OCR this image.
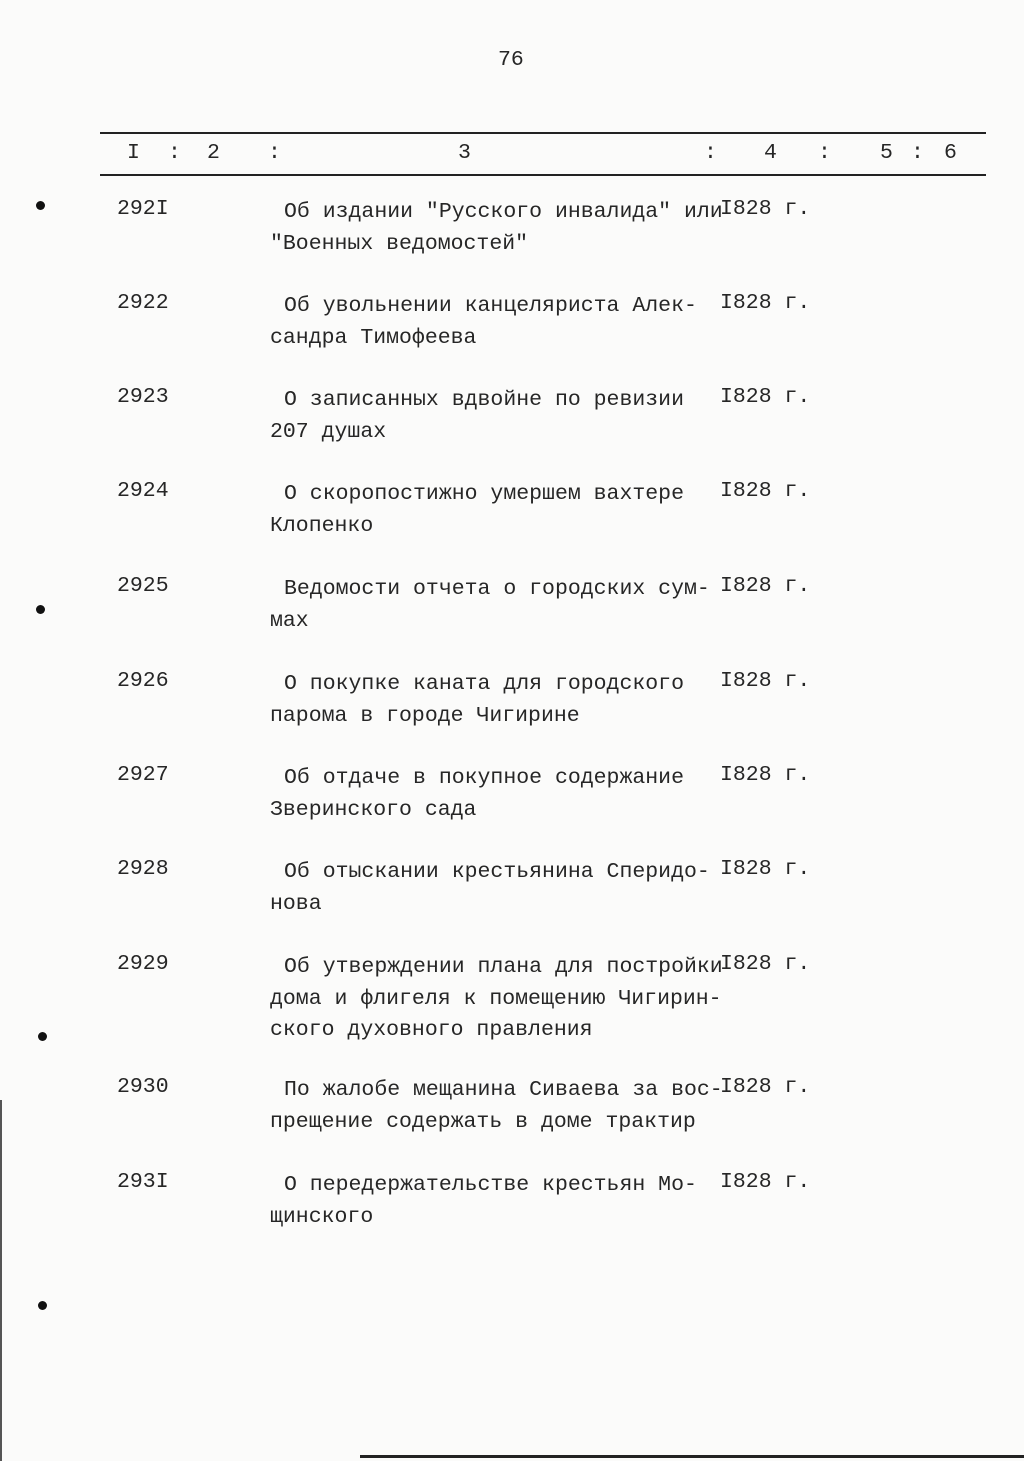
76
I : 2 :	3	: 4 : 5 : 6
292I	Об издании "Русского инвалида" или
"Военных ведомостей"
I828 г.
2922	Об увольнении канцеляриста Алек-
сандра Тимофеева
I828 г.
2923	О записанных вдвойне по ревизии
207 душах
I828 г.
2924	О скоропостижно умершем вахтере
Клопенко
I828 г.
2925	Ведомости отчета о городских сум-
мах
I828 г.
2926	О покупке каната для городского
парома в городе Чигирине
I828 г.
2927	Об отдаче в покупное содержание
Зверинского сада
I828 г.
2928	Об отыскании крестьянина Сперидо-
нова
I828 г.
2929	Об утверждении плана для постройки
дома и флигеля к помещению Чигирин-
ского духовного правления
I828 г.
2930	По жалобе мещанина Сиваева за вос-
прещение содержать в доме трактир
I828 г.
293I	О передержательстве крестьян Мо-
щинского
I828 г.
